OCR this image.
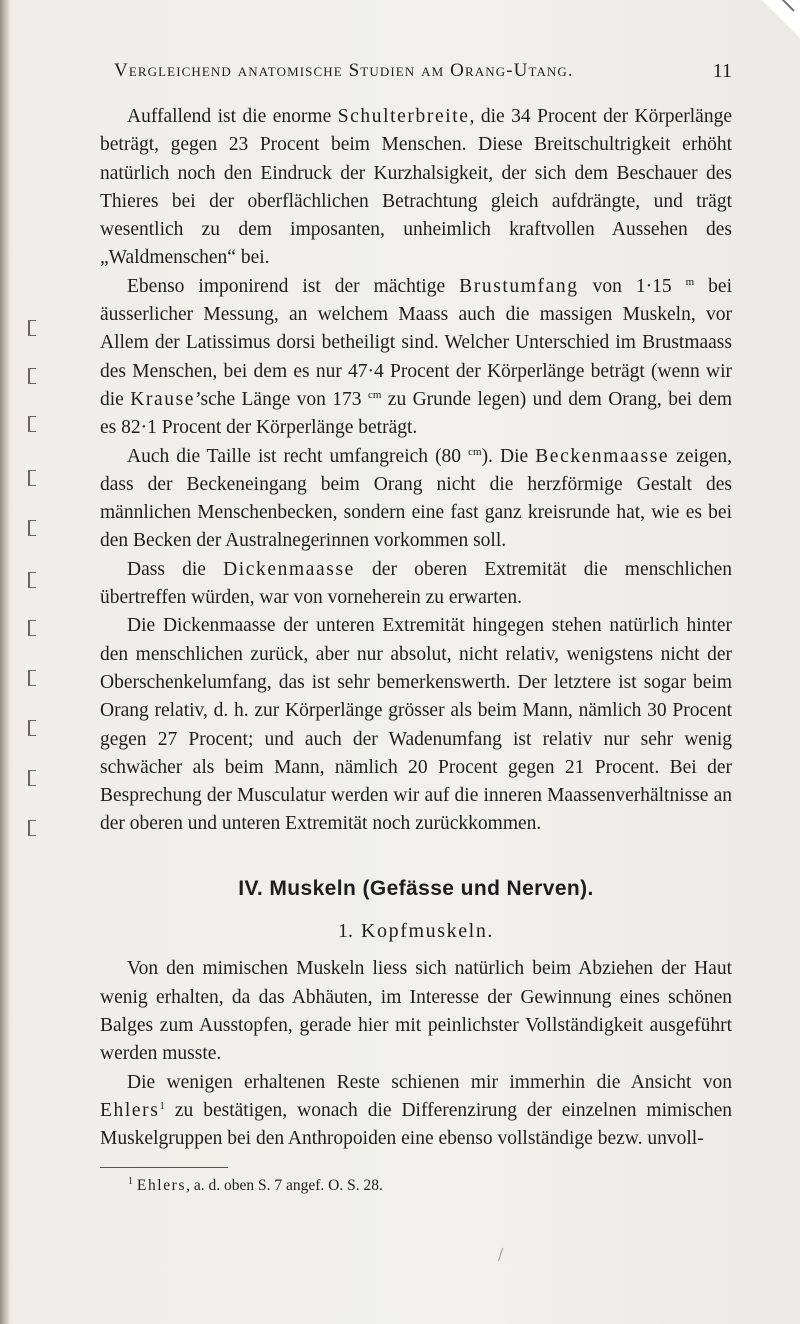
Vergleichend anatomische Studien am Orang-Utang.	11

Auffallend ist die enorme Schulterbreite, die 34 Procent der Körperlänge beträgt, gegen 23 Procent beim Menschen. Diese Breitschultrigkeit erhöht natürlich noch den Eindruck der Kurzhalsigkeit, der sich dem Beschauer des Thieres bei der oberflächlichen Betrachtung gleich aufdrängte, und trägt wesentlich zu dem imposanten, unheimlich kraftvollen Aussehen des „Waldmenschen“ bei.

Ebenso imponirend ist der mächtige Brustumfang von 1·15 $^m$ bei äusserlicher Messung, an welchem Maass auch die massigen Muskeln, vor Allem der Latissimus dorsi betheiligt sind. Welcher Unterschied im Brustmaass des Menschen, bei dem es nur 47·4 Procent der Körperlänge beträgt (wenn wir die Krause’sche Länge von 173 $^{cm}$ zu Grunde legen) und dem Orang, bei dem es 82·1 Procent der Körperlänge beträgt.

Auch die Taille ist recht umfangreich (80 $^{cm}$). Die Beckenmaasse zeigen, dass der Beckeneingang beim Orang nicht die herzförmige Gestalt des männlichen Menschenbecken, sondern eine fast ganz kreisrunde hat, wie es bei den Becken der Australnegerinnen vorkommen soll.

Dass die Dickenmaasse der oberen Extremität die menschlichen übertreffen würden, war von vorneherein zu erwarten.

Die Dickenmaasse der unteren Extremität hingegen stehen natürlich hinter den menschlichen zurück, aber nur absolut, nicht relativ, wenigstens nicht der Oberschenkelumfang, das ist sehr bemerkenswerth. Der letztere ist sogar beim Orang relativ, d. h. zur Körperlänge grösser als beim Mann, nämlich 30 Procent gegen 27 Procent; und auch der Wadenumfang ist relativ nur sehr wenig schwächer als beim Mann, nämlich 20 Procent gegen 21 Procent. Bei der Besprechung der Musculatur werden wir auf die inneren Maassenverhältnisse an der oberen und unteren Extremität noch zurückkommen.

IV. Muskeln (Gefässe und Nerven).
1. Kopfmuskeln.

Von den mimischen Muskeln liess sich natürlich beim Abziehen der Haut wenig erhalten, da das Abhäuten, im Interesse der Gewinnung eines schönen Balges zum Ausstopfen, gerade hier mit peinlichster Vollständigkeit ausgeführt werden musste.

Die wenigen erhaltenen Reste schienen mir immerhin die Ansicht von Ehlers$^1$ zu bestätigen, wonach die Differenzirung der einzelnen mimischen Muskelgruppen bei den Anthropoiden eine ebenso vollständige bezw. unvoll-

$^1$ Ehlers, a. d. oben S. 7 angef. O. S. 28.
